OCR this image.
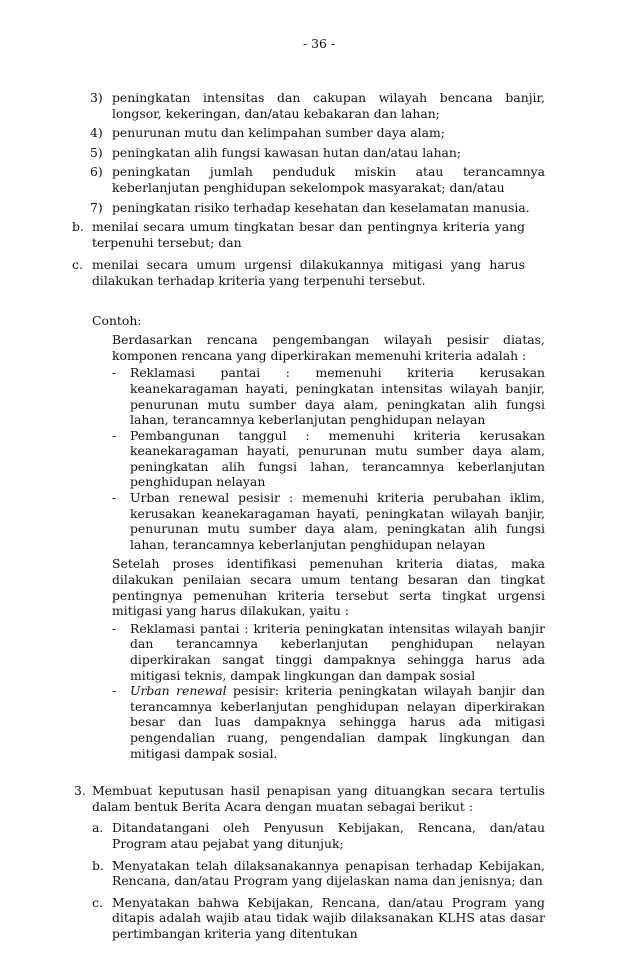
- 36 -
3) peningkatan intensitas dan cakupan wilayah bencana banjir, longsor, kekeringan, dan/atau kebakaran dan lahan;

4) penurunan mutu dan kelimpahan sumber daya alam;

5) peningkatan alih fungsi kawasan hutan dan/atau lahan;

6) peningkatan jumlah penduduk miskin atau terancamnya keberlanjutan penghidupan sekelompok masyarakat; dan/atau

7) peningkatan risiko terhadap kesehatan dan keselamatan manusia.

b. menilai secara umum tingkatan besar dan pentingnya kriteria yang terpenuhi tersebut; dan

c. menilai secara umum urgensi dilakukannya mitigasi yang harus dilakukan terhadap kriteria yang terpenuhi tersebut.

Contoh:

Berdasarkan rencana pengembangan wilayah pesisir diatas, komponen rencana yang diperkirakan memenuhi kriteria adalah :

- Reklamasi pantai : memenuhi kriteria kerusakan keanekaragaman hayati, peningkatan intensitas wilayah banjir, penurunan mutu sumber daya alam, peningkatan alih fungsi lahan, terancamnya keberlanjutan penghidupan nelayan

- Pembangunan tanggul : memenuhi kriteria kerusakan keanekaragaman hayati, penurunan mutu sumber daya alam, peningkatan alih fungsi lahan, terancamnya keberlanjutan penghidupan nelayan

- Urban renewal pesisir : memenuhi kriteria perubahan iklim, kerusakan keanekaragaman hayati, peningkatan wilayah banjir, penurunan mutu sumber daya alam, peningkatan alih fungsi lahan, terancamnya keberlanjutan penghidupan nelayan

Setelah proses identifikasi pemenuhan kriteria diatas, maka dilakukan penilaian secara umum tentang besaran dan tingkat pentingnya pemenuhan kriteria tersebut serta tingkat urgensi mitigasi yang harus dilakukan, yaitu :

- Reklamasi pantai : kriteria peningkatan intensitas wilayah banjir dan terancamnya keberlanjutan penghidupan nelayan diperkirakan sangat tinggi dampaknya sehingga harus ada mitigasi teknis, dampak lingkungan dan dampak sosial

- Urban renewal pesisir: kriteria peningkatan wilayah banjir dan terancamnya keberlanjutan penghidupan nelayan diperkirakan besar dan luas dampaknya sehingga harus ada mitigasi pengendalian ruang, pengendalian dampak lingkungan dan mitigasi dampak sosial.

3. Membuat keputusan hasil penapisan yang dituangkan secara tertulis dalam bentuk Berita Acara dengan muatan sebagai berikut :

a. Ditandatangani oleh Penyusun Kebijakan, Rencana, dan/atau Program atau pejabat yang ditunjuk;

b. Menyatakan telah dilaksanakannya penapisan terhadap Kebijakan, Rencana, dan/atau Program yang dijelaskan nama dan jenisnya; dan

c. Menyatakan bahwa Kebijakan, Rencana, dan/atau Program yang ditapis adalah wajib atau tidak wajib dilaksanakan KLHS atas dasar pertimbangan kriteria yang ditentukan
